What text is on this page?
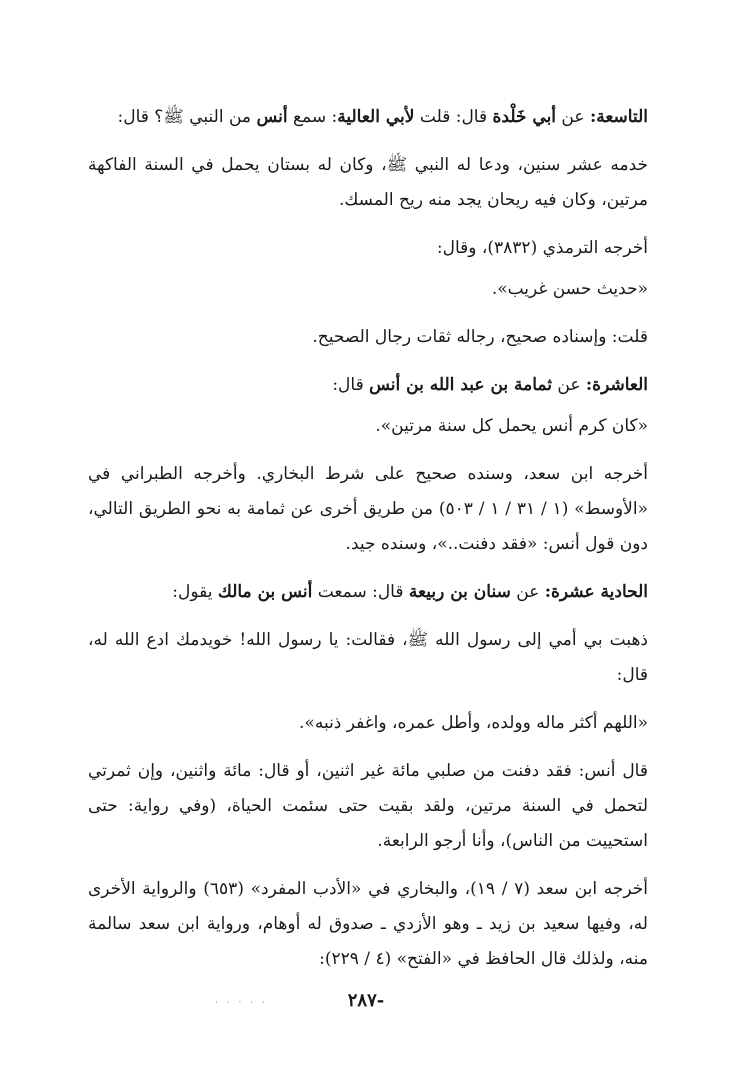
التاسعة: عن أبي خَلْدة قال: قلت لأبي العالية: سمع أنس من النبي ﷺ؟ قال:

خدمه عشر سنين، ودعا له النبي ﷺ، وكان له بستان يحمل في السنة الفاكهة مرتين، وكان فيه ريحان يجد منه ريح المسك.

أخرجه الترمذي (٣٨٣٢)، وقال:

«حديث حسن غريب».

قلت: وإسناده صحيح، رجاله ثقات رجال الصحيح.

العاشرة: عن ثمامة بن عبد الله بن أنس قال:

«كان كرم أنس يحمل كل سنة مرتين».

أخرجه ابن سعد، وسنده صحيح على شرط البخاري. وأخرجه الطبراني في «الأوسط» (١ / ٣١ / ١ / ٥٠٣) من طريق أخرى عن ثمامة به نحو الطريق التالي، دون قول أنس: «فقد دفنت..»، وسنده جيد.

الحادية عشرة: عن سنان بن ربيعة قال: سمعت أنس بن مالك يقول:

ذهبت بي أمي إلى رسول الله ﷺ، فقالت: يا رسول الله! خويدمك ادع الله له، قال:

«اللهم أكثر ماله وولده، وأطل عمره، واغفر ذنبه».

قال أنس: فقد دفنت من صلبي مائة غير اثنين، أو قال: مائة واثنين، وإن ثمرتي لتحمل في السنة مرتين، ولقد بقيت حتى سئمت الحياة، (وفي رواية: حتى استحييت من الناس)، وأنا أرجو الرابعة.

أخرجه ابن سعد (٧ / ١٩)، والبخاري في «الأدب المفرد» (٦٥٣) والرواية الأخرى له، وفيها سعيد بن زيد ـ وهو الأزدي ـ صدوق له أوهام، ورواية ابن سعد سالمة منه، ولذلك قال الحافظ في «الفتح» (٤ / ٢٢٩):

· · · · ·	-٢٨٧
